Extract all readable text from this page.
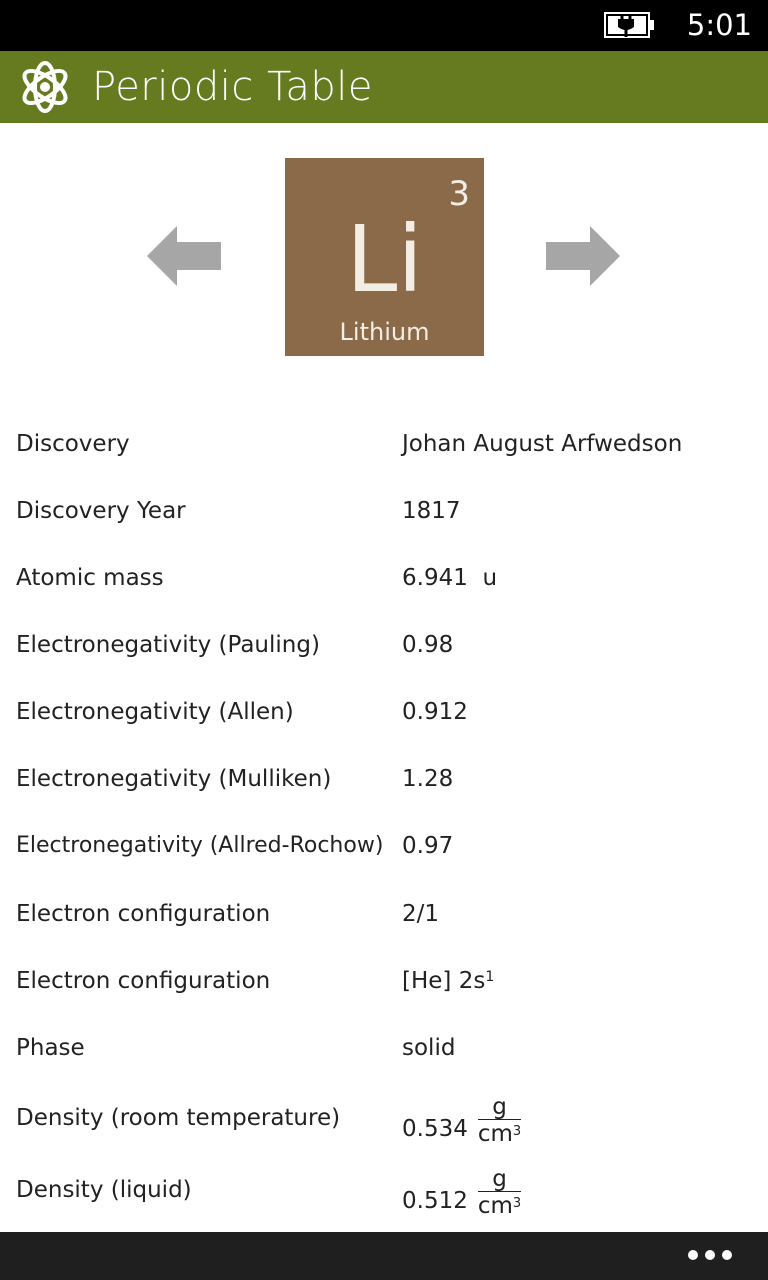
5:01
Periodic Table
3
Li
Lithium
Discovery	Johan August Arfwedson
Discovery Year	1817
Atomic mass	6.941  u
Electronegativity (Pauling)	0.98
Electronegativity (Allen)	0.912
Electronegativity (Mulliken)	1.28
Electronegativity (Allred-Rochow) 0.97
Electron configuration	2/1
Electron configuration	[He] $2s^1$
Phase	solid
Density (room temperature)	$0.534 \frac{g}{cm^3}$
Density (liquid)	$0.512 \frac{g}{cm^3}$
